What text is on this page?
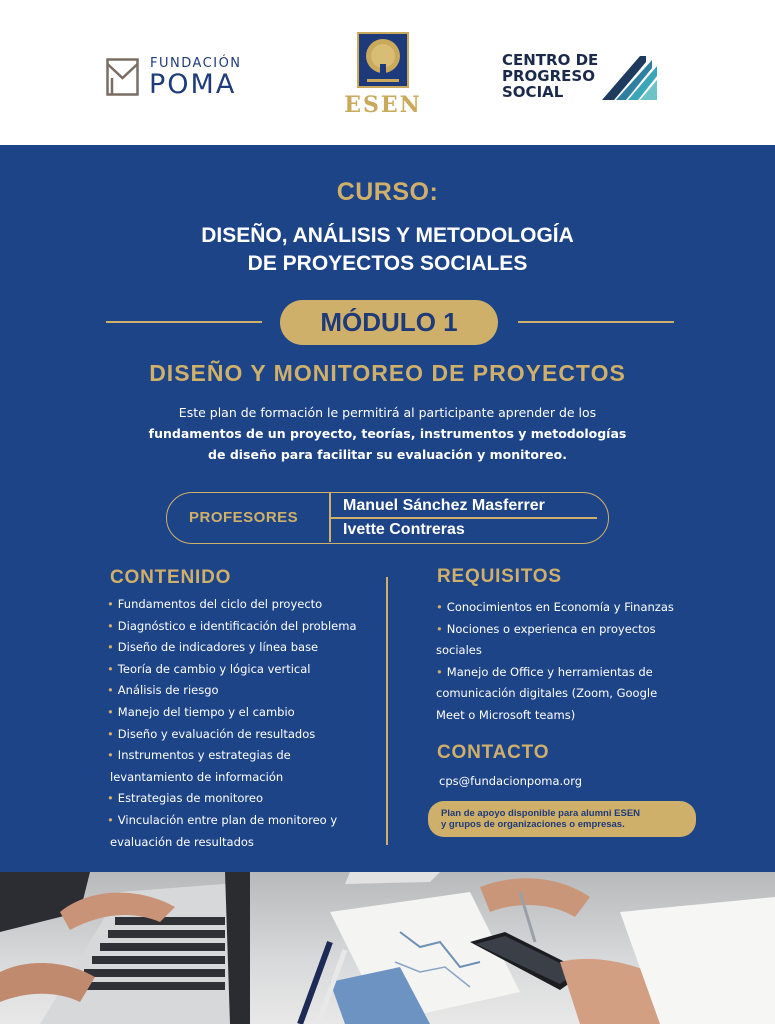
FUNDACIÓN
POMA
ESEN
CENTRO DE
PROGRESO
SOCIAL
CURSO:
DISEÑO, ANÁLISIS Y METODOLOGÍA
DE PROYECTOS SOCIALES
MÓDULO 1
DISEÑO Y MONITOREO DE PROYECTOS
Este plan de formación le permitirá al participante aprender de los
fundamentos de un proyecto, teorías, instrumentos y metodologías
de diseño para facilitar su evaluación y monitoreo.
PROFESORES
Manuel Sánchez Masferrer
Ivette Contreras
CONTENIDO
• Fundamentos del ciclo del proyecto
• Diagnóstico e identificación del problema
• Diseño de indicadores y línea base
• Teoría de cambio y lógica vertical
• Análisis de riesgo
• Manejo del tiempo y el cambio
• Diseño y evaluación de resultados
• Instrumentos y estrategias de
levantamiento de información
• Estrategias de monitoreo
• Vinculación entre plan de monitoreo y
evaluación de resultados
REQUISITOS
• Conocimientos en Economía y Finanzas
• Nociones o experienca en proyectos
sociales
• Manejo de Office y herramientas de
comunicación digitales (Zoom, Google
Meet o Microsoft teams)
CONTACTO
cps@fundacionpoma.org
Plan de apoyo disponible para alumni ESEN
y grupos de organizaciones o empresas.
